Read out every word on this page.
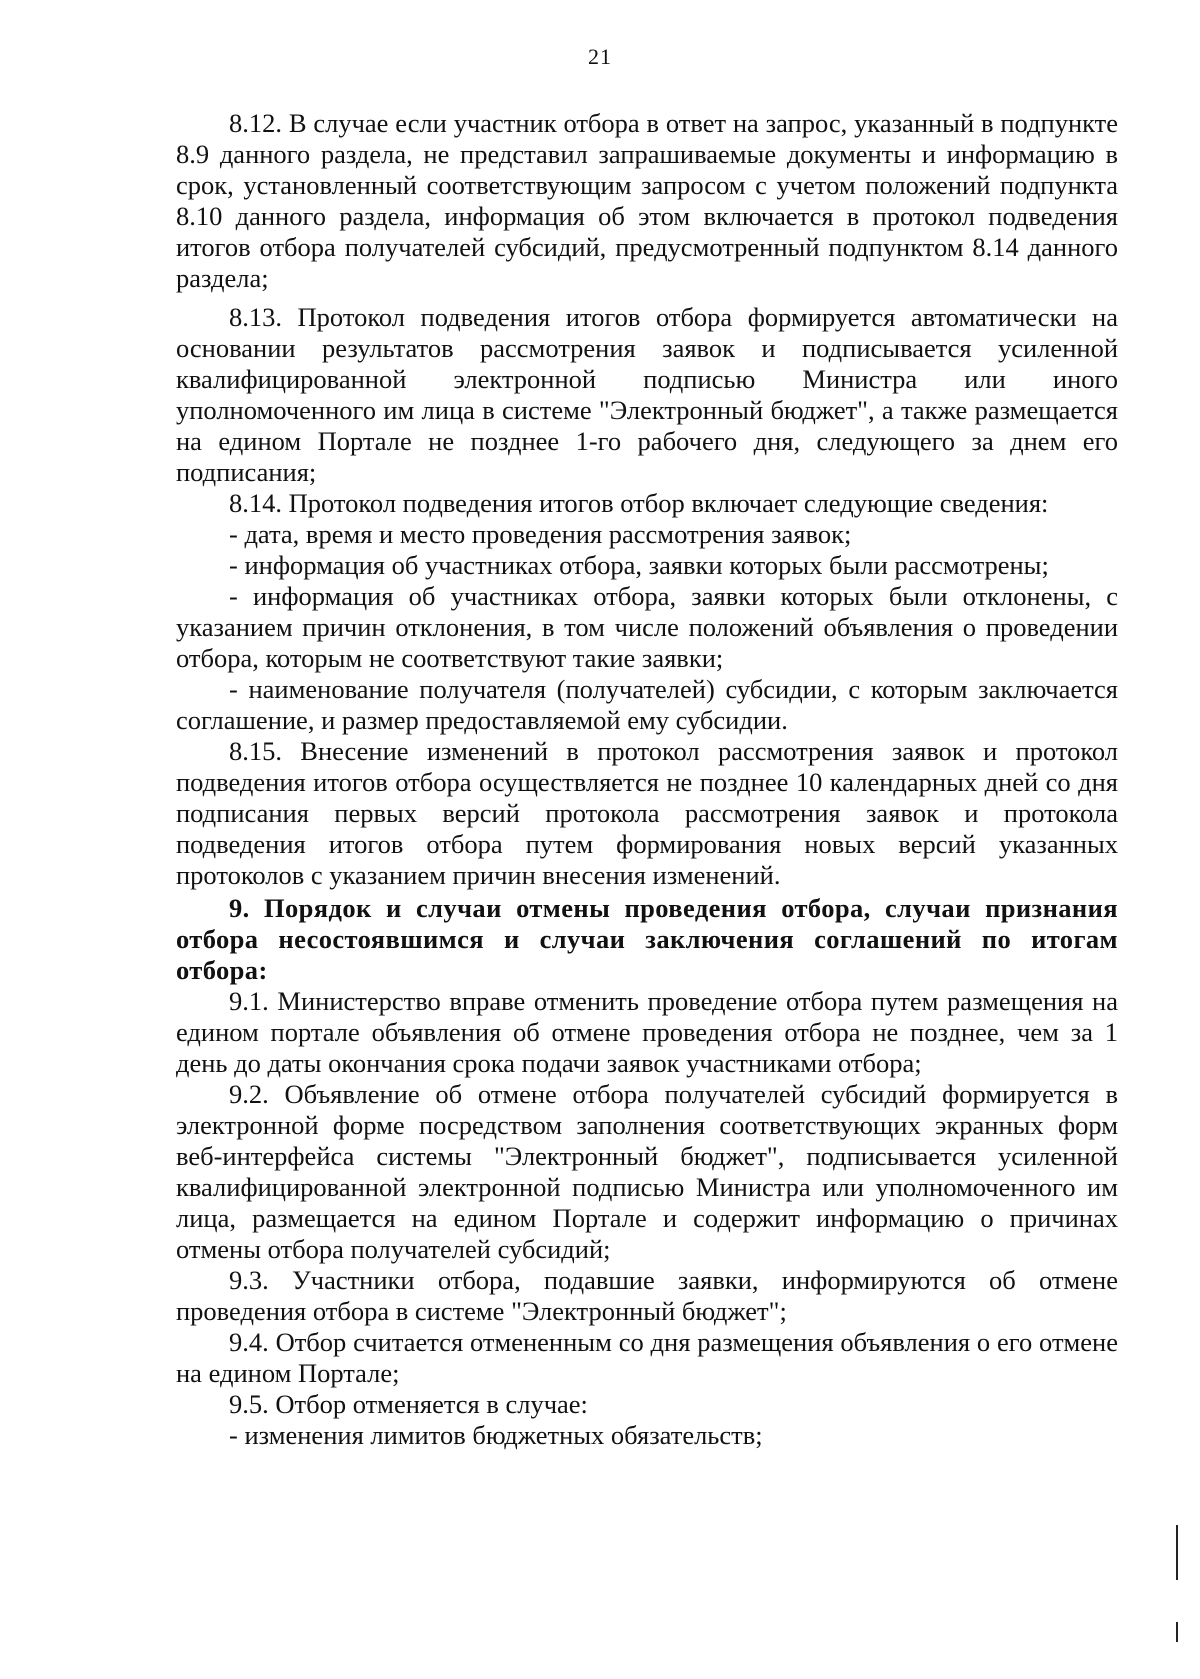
21

8.12. В случае если участник отбора в ответ на запрос, указанный в подпункте 8.9 данного раздела, не представил запрашиваемые документы и информацию в срок, установленный соответствующим запросом с учетом положений подпункта 8.10 данного раздела, информация об этом включается в протокол подведения итогов отбора получателей субсидий, предусмотренный подпунктом 8.14 данного раздела;

8.13. Протокол подведения итогов отбора формируется автоматически на основании результатов рассмотрения заявок и подписывается усиленной квалифицированной электронной подписью Министра или иного уполномоченного им лица в системе "Электронный бюджет", а также размещается на едином Портале не позднее 1-го рабочего дня, следующего за днем его подписания;

8.14. Протокол подведения итогов отбор включает следующие сведения:

- дата, время и место проведения рассмотрения заявок;

- информация об участниках отбора, заявки которых были рассмотрены;

- информация об участниках отбора, заявки которых были отклонены, с указанием причин отклонения, в том числе положений объявления о проведении отбора, которым не соответствуют такие заявки;

- наименование получателя (получателей) субсидии, с которым заключается соглашение, и размер предоставляемой ему субсидии.

8.15. Внесение изменений в протокол рассмотрения заявок и протокол подведения итогов отбора осуществляется не позднее 10 календарных дней со дня подписания первых версий протокола рассмотрения заявок и протокола подведения итогов отбора путем формирования новых версий указанных протоколов с указанием причин внесения изменений.

9. Порядок и случаи отмены проведения отбора, случаи признания отбора несостоявшимся и случаи заключения соглашений по итогам отбора:

9.1. Министерство вправе отменить проведение отбора путем размещения на едином портале объявления об отмене проведения отбора не позднее, чем за 1 день до даты окончания срока подачи заявок участниками отбора;

9.2. Объявление об отмене отбора получателей субсидий формируется в электронной форме посредством заполнения соответствующих экранных форм веб-интерфейса системы "Электронный бюджет", подписывается усиленной квалифицированной электронной подписью Министра или уполномоченного им лица, размещается на едином Портале и содержит информацию о причинах отмены отбора получателей субсидий;

9.3. Участники отбора, подавшие заявки, информируются об отмене проведения отбора в системе "Электронный бюджет";

9.4. Отбор считается отмененным со дня размещения объявления о его отмене на едином Портале;

9.5. Отбор отменяется в случае:

- изменения лимитов бюджетных обязательств;
